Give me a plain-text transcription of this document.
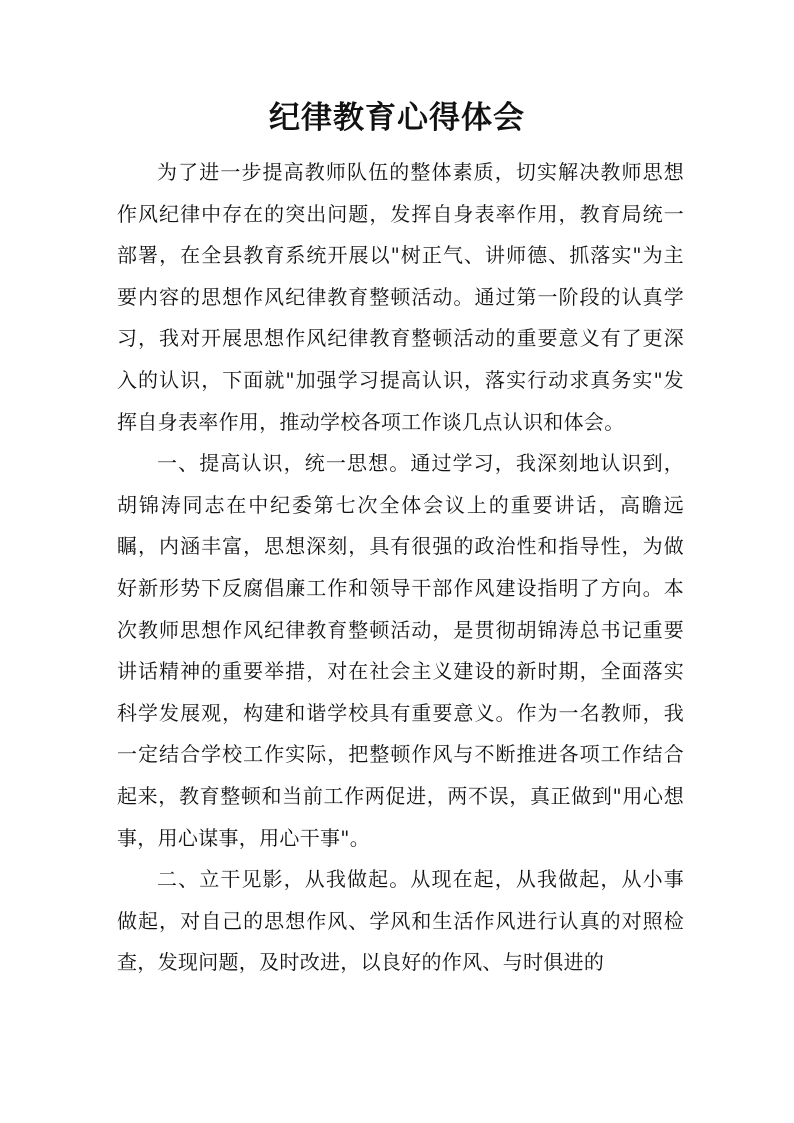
纪律教育心得体会

为了进一步提高教师队伍的整体素质，切实解决教师思想作风纪律中存在的突出问题，发挥自身表率作用，教育局统一部署，在全县教育系统开展以"树正气、讲师德、抓落实"为主要内容的思想作风纪律教育整顿活动。通过第一阶段的认真学习，我对开展思想作风纪律教育整顿活动的重要意义有了更深入的认识，下面就"加强学习提高认识，落实行动求真务实"发挥自身表率作用，推动学校各项工作谈几点认识和体会。

一、提高认识，统一思想。通过学习，我深刻地认识到，胡锦涛同志在中纪委第七次全体会议上的重要讲话，高瞻远瞩，内涵丰富，思想深刻，具有很强的政治性和指导性，为做好新形势下反腐倡廉工作和领导干部作风建设指明了方向。本次教师思想作风纪律教育整顿活动，是贯彻胡锦涛总书记重要讲话精神的重要举措，对在社会主义建设的新时期，全面落实科学发展观，构建和谐学校具有重要意义。作为一名教师，我一定结合学校工作实际，把整顿作风与不断推进各项工作结合起来，教育整顿和当前工作两促进，两不误，真正做到"用心想事，用心谋事，用心干事"。

二、立干见影，从我做起。从现在起，从我做起，从小事做起，对自己的思想作风、学风和生活作风进行认真的对照检查，发现问题，及时改进，以良好的作风、与时俱进的
